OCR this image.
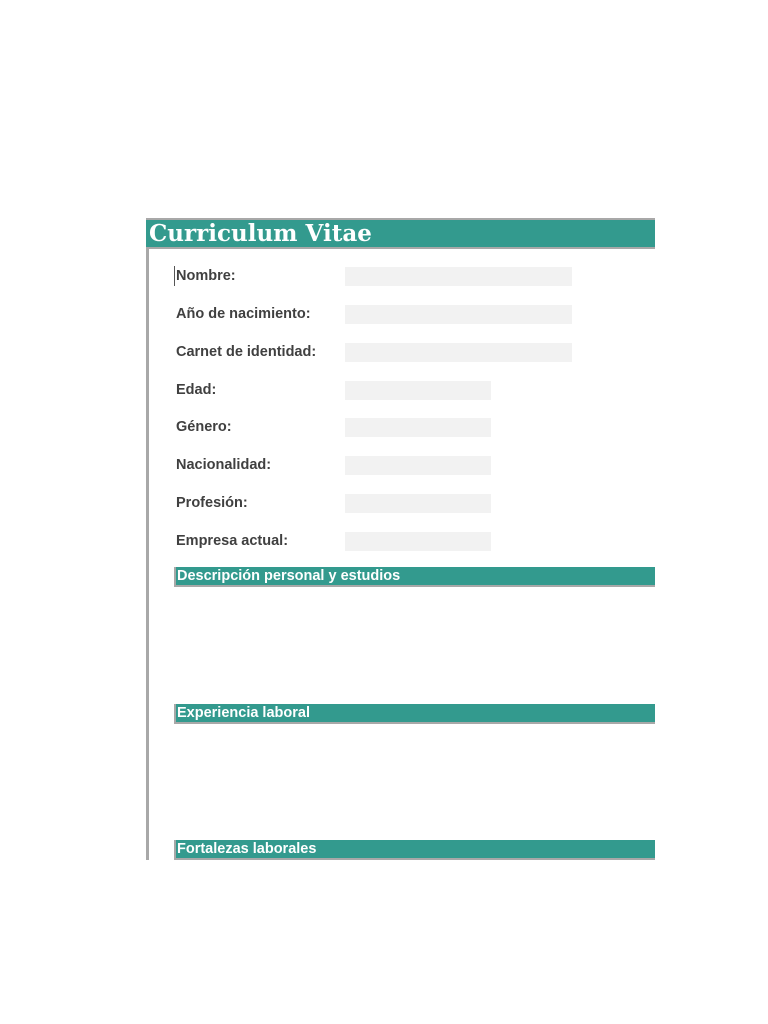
Curriculum Vitae
Nombre:
Año de nacimiento:
Carnet de identidad:
Edad:
Género:
Nacionalidad:
Profesión:
Empresa actual:
Descripción personal y estudios
Experiencia laboral
Fortalezas laborales
